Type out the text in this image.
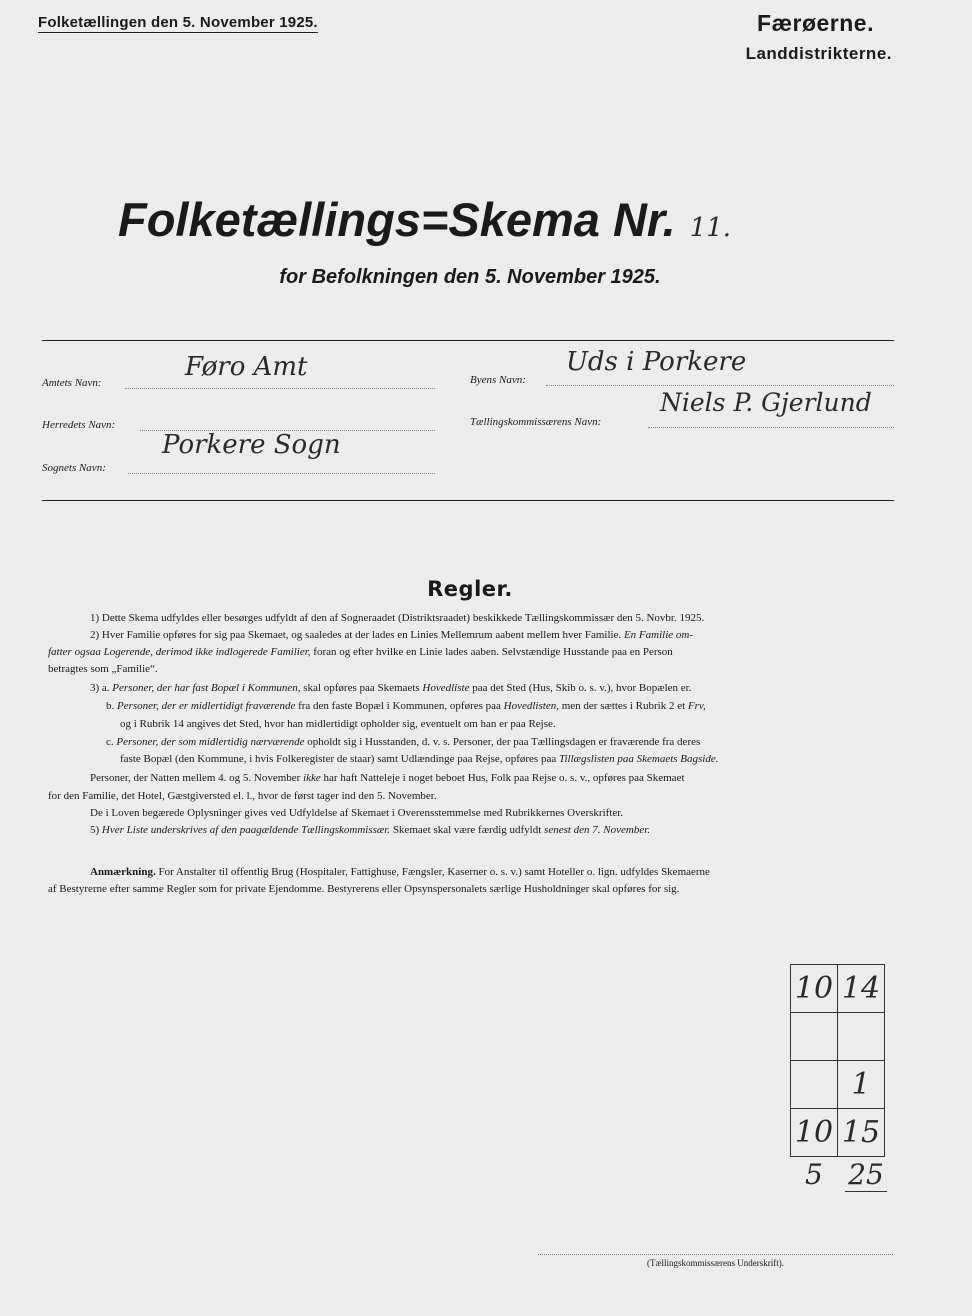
Folketællingen den 5. November 1925.	Færøerne.
Landdistrikterne.
Folketællings=Skema Nr. 11.
for Befolkningen den 5. November 1925.
Amtets Navn:
Føro Amt	Byens Navn:
Uds i Porkere
Herredets Navn:	Tællingskommissærens Navn:
Niels P. Gjerlund
Sognets Navn:
Porkere Sogn
Regler.
1) Dette Skema udfyldes eller besørges udfyldt af den af Sogneraadet (Distriktsraadet) beskikkede Tællingskommissær den 5. Novbr. 1925.
2) Hver Familie opføres for sig paa Skemaet, og saaledes at der lades en Linies Mellemrum aabent mellem hver Familie. En Familie om-
fatter ogsaa Logerende, derimod ikke indlogerede Familier, foran og efter hvilke en Linie lades aaben. Selvstændige Husstande paa en Person
betragtes som „Familie“.
3) a. Personer, der har fast Bopæl i Kommunen, skal opføres paa Skemaets Hovedliste paa det Sted (Hus, Skib o. s. v.), hvor Bopælen er.
b. Personer, der er midlertidigt fraværende fra den faste Bopæl i Kommunen, opføres paa Hovedlisten, men der sættes i Rubrik 2 et Frv,
og i Rubrik 14 angives det Sted, hvor han midlertidigt opholder sig, eventuelt om han er paa Rejse.
c. Personer, der som midlertidig nærværende opholdt sig i Husstanden, d. v. s. Personer, der paa Tællingsdagen er fraværende fra deres
faste Bopæl (den Kommune, i hvis Folkeregister de staar) samt Udlændinge paa Rejse, opføres paa Tillægslisten paa Skemaets Bagside.
Personer, der Natten mellem 4. og 5. November ikke har haft Natteleje i noget beboet Hus, Folk paa Rejse o. s. v., opføres paa Skemaet
for den Familie, det Hotel, Gæstgiversted el. l., hvor de først tager ind den 5. November.
De i Loven begærede Oplysninger gives ved Udfyldelse af Skemaet i Overensstemmelse med Rubrikkernes Overskrifter.
5) Hver Liste underskrives af den paagældende Tællingskommissær. Skemaet skal være færdig udfyldt senest den 7. November.
Anmærkning. For Anstalter til offentlig Brug (Hospitaler, Fattighuse, Fængsler, Kaserner o. s. v.) samt Hoteller o. lign. udfyldes Skemaerne
af Bestyrerne efter samme Regler som for private Ejendomme. Bestyrerens eller Opsynspersonalets særlige Husholdninger skal opføres for sig.
10	14

	1
10	15
5 25
(Tællingskommissærens Underskrift).
